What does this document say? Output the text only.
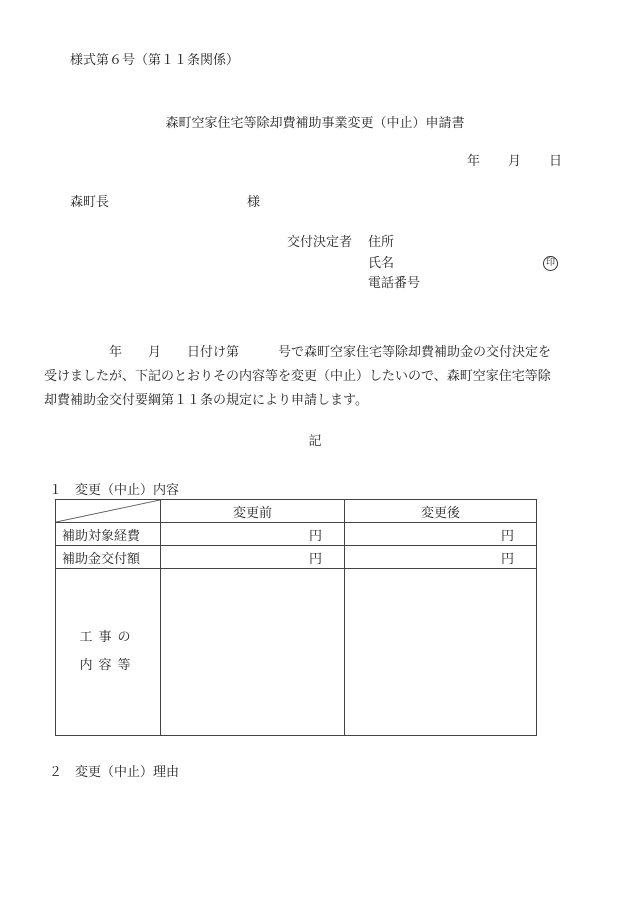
様式第６号（第１１条関係）
森町空家住宅等除却費補助事業変更（中止）申請書
年 月 日
森町長	様
交付決定者 住所
氏名	印
電話番号
　　　　　年　　月　　日付け第　　　号で森町空家住宅等除却費補助金の交付決定を
受けましたが、下記のとおりその内容等を変更（中止）したいので、森町空家住宅等除
却費補助金交付要綱第１１条の規定により申請します。
記
１　変更（中止）内容
	変更前	変更後
補助対象経費	円	円
補助金交付額	円	円

工事の
内容等		

２　変更（中止）理由
